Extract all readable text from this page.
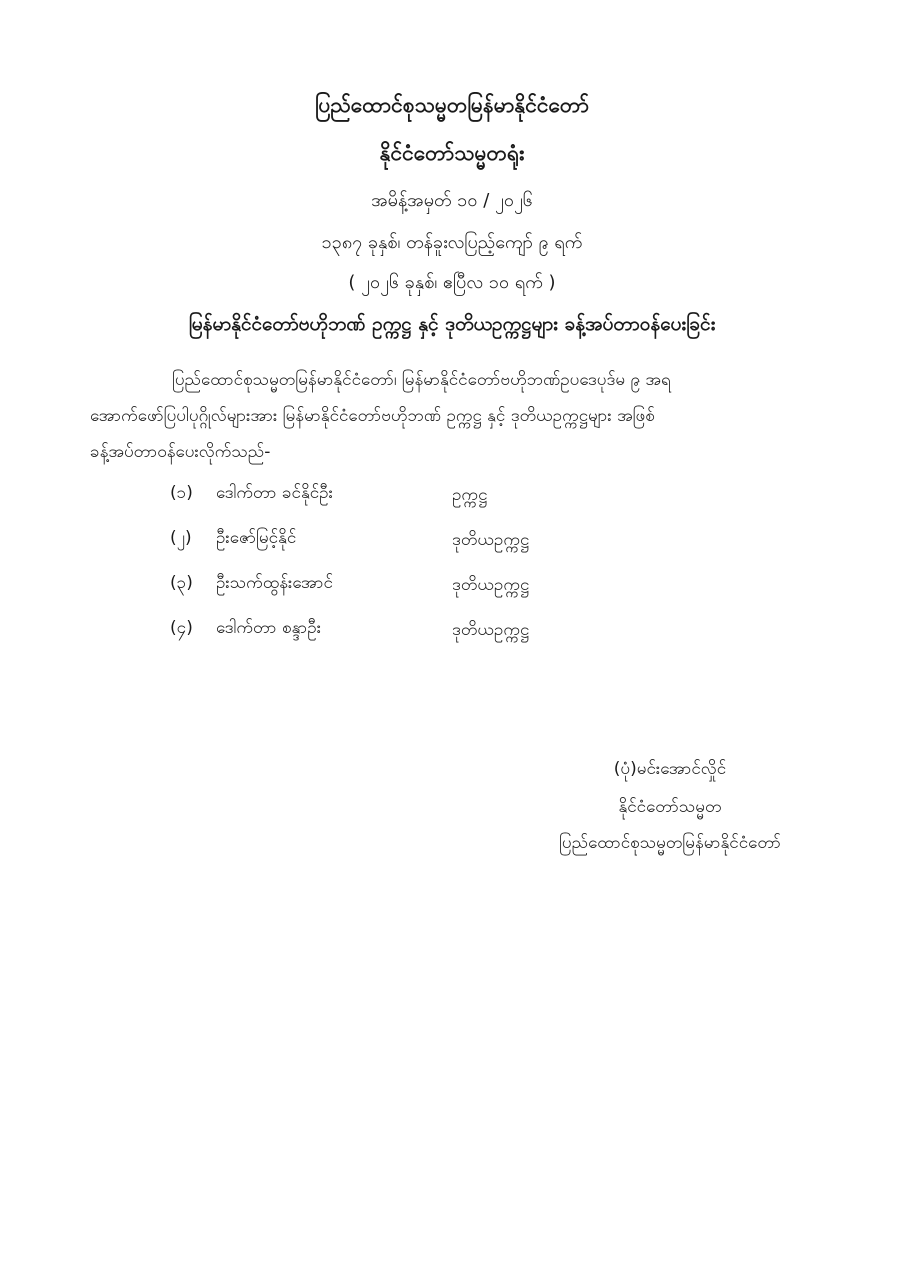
ပြည်ထောင်စုသမ္မတမြန်မာနိုင်ငံတော်
နိုင်ငံတော်သမ္မတရုံး
အမိန့်အမှတ် ၁၀ / ၂၀၂၆
၁၃၈၇ ခုနှစ်၊ တန်ခူးလပြည့်ကျော် ၉ ရက်
( ၂၀၂၆ ခုနှစ်၊ ဧပြီလ ၁၀ ရက် )
မြန်မာနိုင်ငံတော်ဗဟိုဘဏ် ဥက္ကဋ္ဌ နှင့် ဒုတိယဥက္ကဋ္ဌများ ခန့်အပ်တာဝန်ပေးခြင်း
ပြည်ထောင်စုသမ္မတမြန်မာနိုင်ငံတော်၊ မြန်မာနိုင်ငံတော်ဗဟိုဘဏ်ဥပဒေပုဒ်မ ၉ အရ
အောက်ဖော်ပြပါပုဂ္ဂိုလ်များအား မြန်မာနိုင်ငံတော်ဗဟိုဘဏ် ဥက္ကဋ္ဌ နှင့် ဒုတိယဥက္ကဋ္ဌများ အဖြစ်
ခန့်အပ်တာဝန်ပေးလိုက်သည်-
(၁) ဒေါက်တာ ခင်နိုင်ဦး	ဥက္ကဋ္ဌ
(၂) ဦးဇော်မြင့်နိုင်	ဒုတိယဥက္ကဋ္ဌ
(၃) ဦးသက်ထွန်းအောင်	ဒုတိယဥက္ကဋ္ဌ
(၄) ဒေါက်တာ စန္ဒာဦး	ဒုတိယဥက္ကဋ္ဌ
(ပုံ)မင်းအောင်လှိုင်
နိုင်ငံတော်သမ္မတ
ပြည်ထောင်စုသမ္မတမြန်မာနိုင်ငံတော်
